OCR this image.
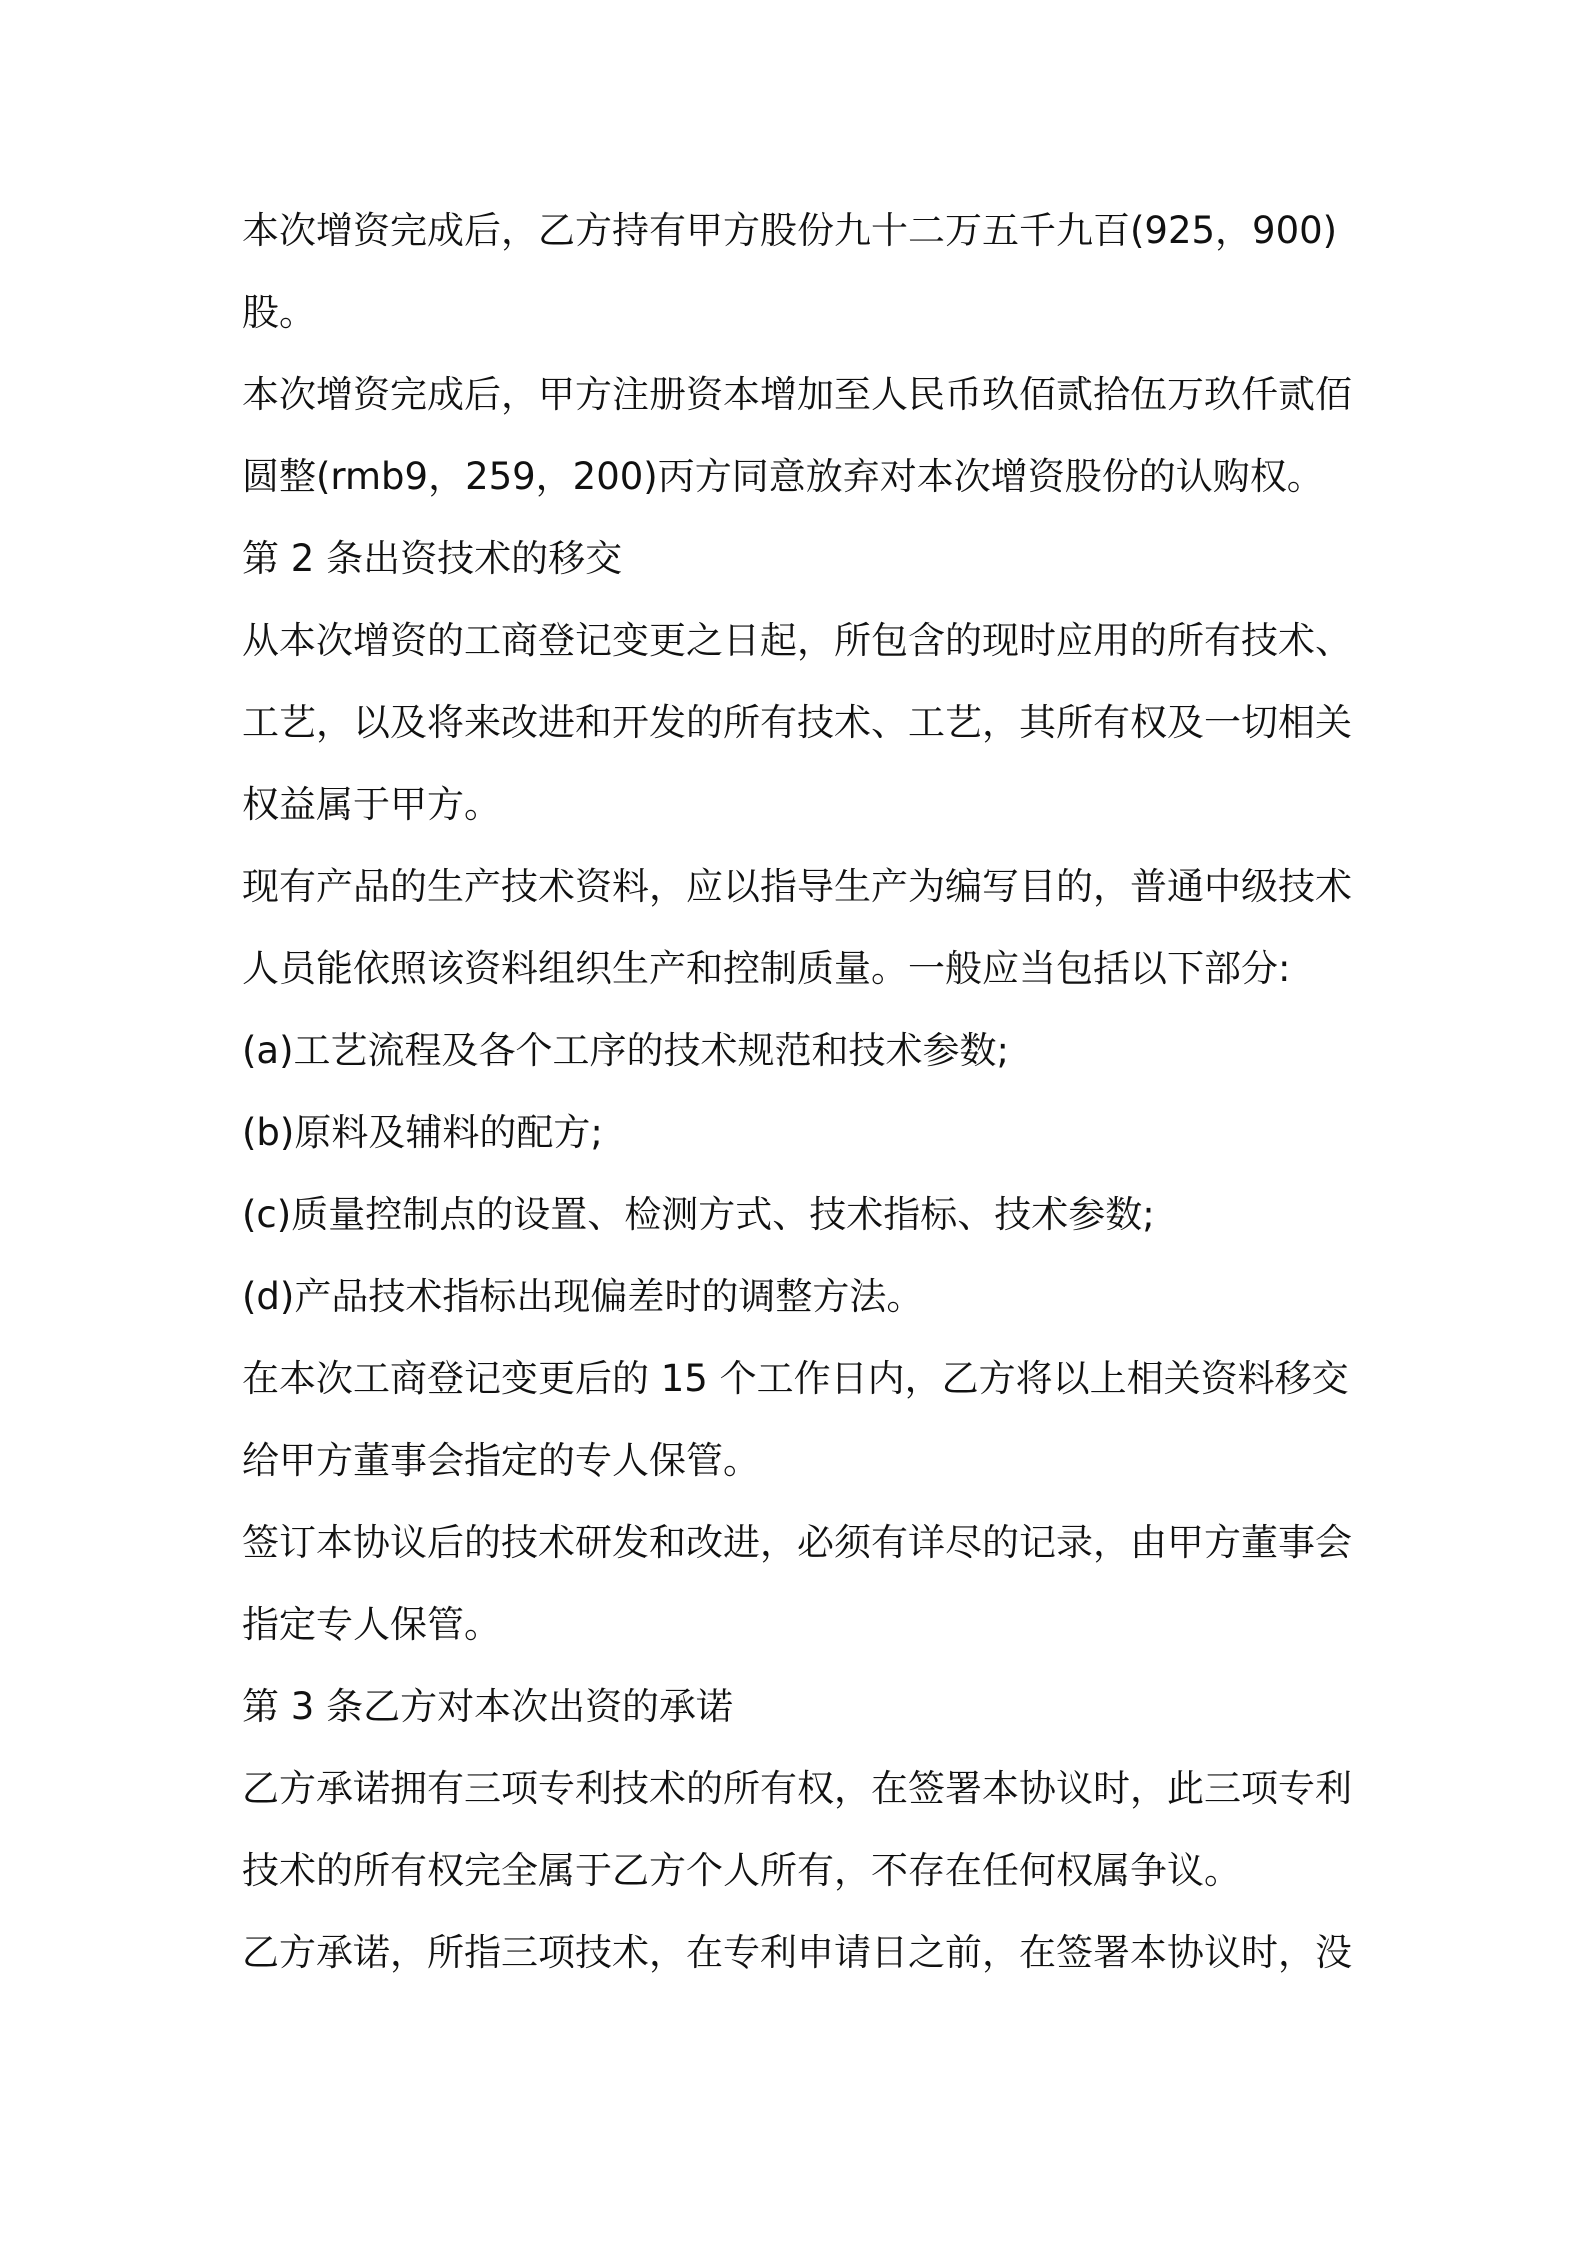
本次增资完成后，乙方持有甲方股份九十二万五千九百(925，900)
股。
本次增资完成后，甲方注册资本增加至人民币玖佰贰拾伍万玖仟贰佰
圆整(rmb9，259，200)丙方同意放弃对本次增资股份的认购权。
第 2 条出资技术的移交
从本次增资的工商登记变更之日起，所包含的现时应用的所有技术、
工艺，以及将来改进和开发的所有技术、工艺，其所有权及一切相关
权益属于甲方。
现有产品的生产技术资料，应以指导生产为编写目的，普通中级技术
人员能依照该资料组织生产和控制质量。一般应当包括以下部分:
(a)工艺流程及各个工序的技术规范和技术参数;
(b)原料及辅料的配方;
(c)质量控制点的设置、检测方式、技术指标、技术参数;
(d)产品技术指标出现偏差时的调整方法。
在本次工商登记变更后的 15 个工作日内，乙方将以上相关资料移交
给甲方董事会指定的专人保管。
签订本协议后的技术研发和改进，必须有详尽的记录，由甲方董事会
指定专人保管。
第 3 条乙方对本次出资的承诺
乙方承诺拥有三项专利技术的所有权，在签署本协议时，此三项专利
技术的所有权完全属于乙方个人所有，不存在任何权属争议。
乙方承诺，所指三项技术，在专利申请日之前，在签署本协议时，没
